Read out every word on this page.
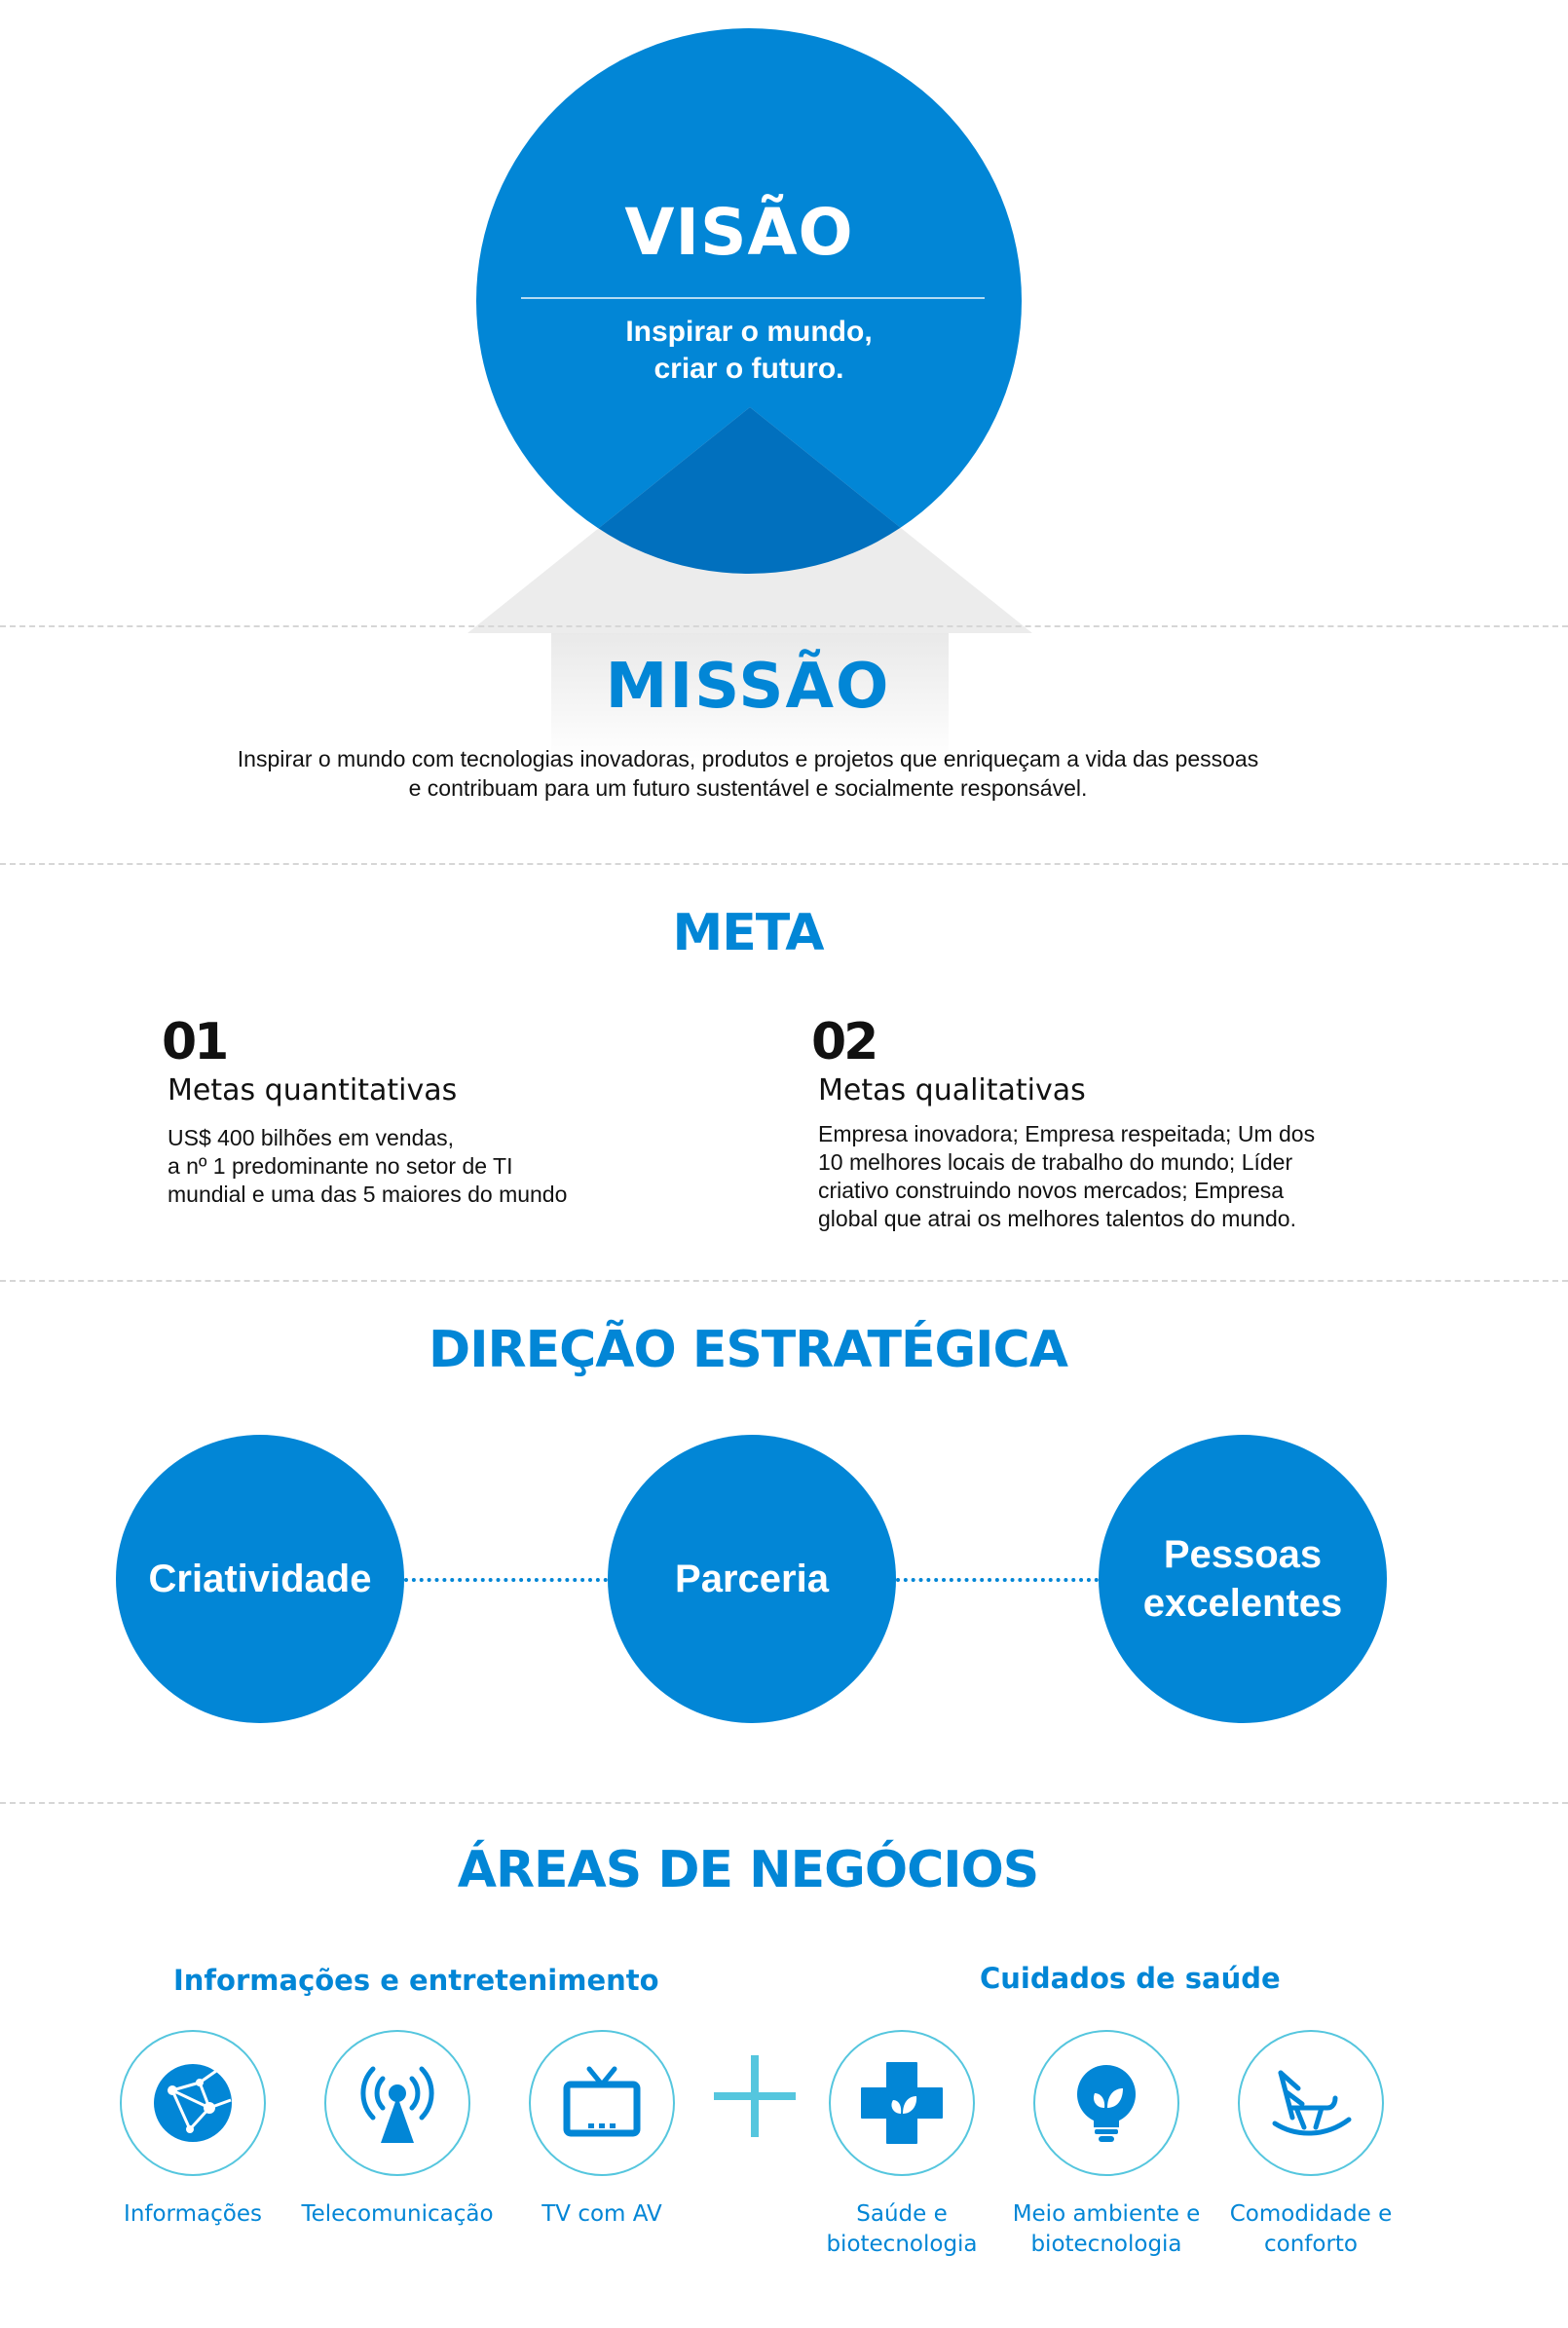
VISÃO
Inspirar o mundo,
criar o futuro.
MISSÃO
Inspirar o mundo com tecnologias inovadoras, produtos e projetos que enriqueçam a vida das pessoas
e contribuam para um futuro sustentável e socialmente responsável.
META
01
Metas quantitativas
US$ 400 bilhões em vendas,
a nº 1 predominante no setor de TI
mundial e uma das 5 maiores do mundo
02
Metas qualitativas
Empresa inovadora; Empresa respeitada; Um dos
10 melhores locais de trabalho do mundo; Líder
criativo construindo novos mercados; Empresa
global que atrai os melhores talentos do mundo.
DIREÇÃO ESTRATÉGICA
Criatividade	Parceria
Pessoas
excelentes
ÁREAS DE NEGÓCIOS
Informações e entretenimento	Cuidados de saúde
Informações	Telecomunicação	TV com AV	Saúde e
biotecnologia
Meio ambiente e
biotecnologia
Comodidade e
conforto
